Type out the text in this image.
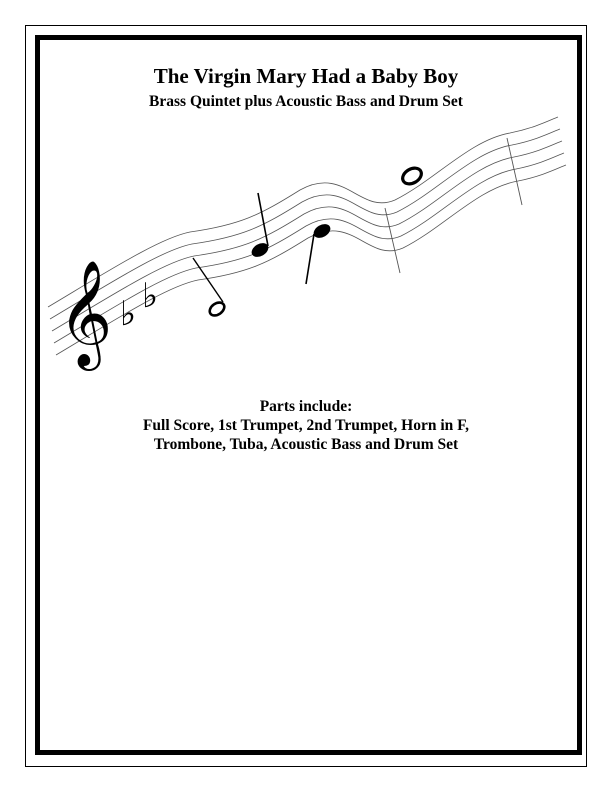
The Virgin Mary Had a Baby Boy
Brass Quintet plus Acoustic Bass and Drum Set
𝄞 ♭ ♭
Parts include:
Full Score, 1st Trumpet, 2nd Trumpet, Horn in F,
Trombone, Tuba, Acoustic Bass and Drum Set
